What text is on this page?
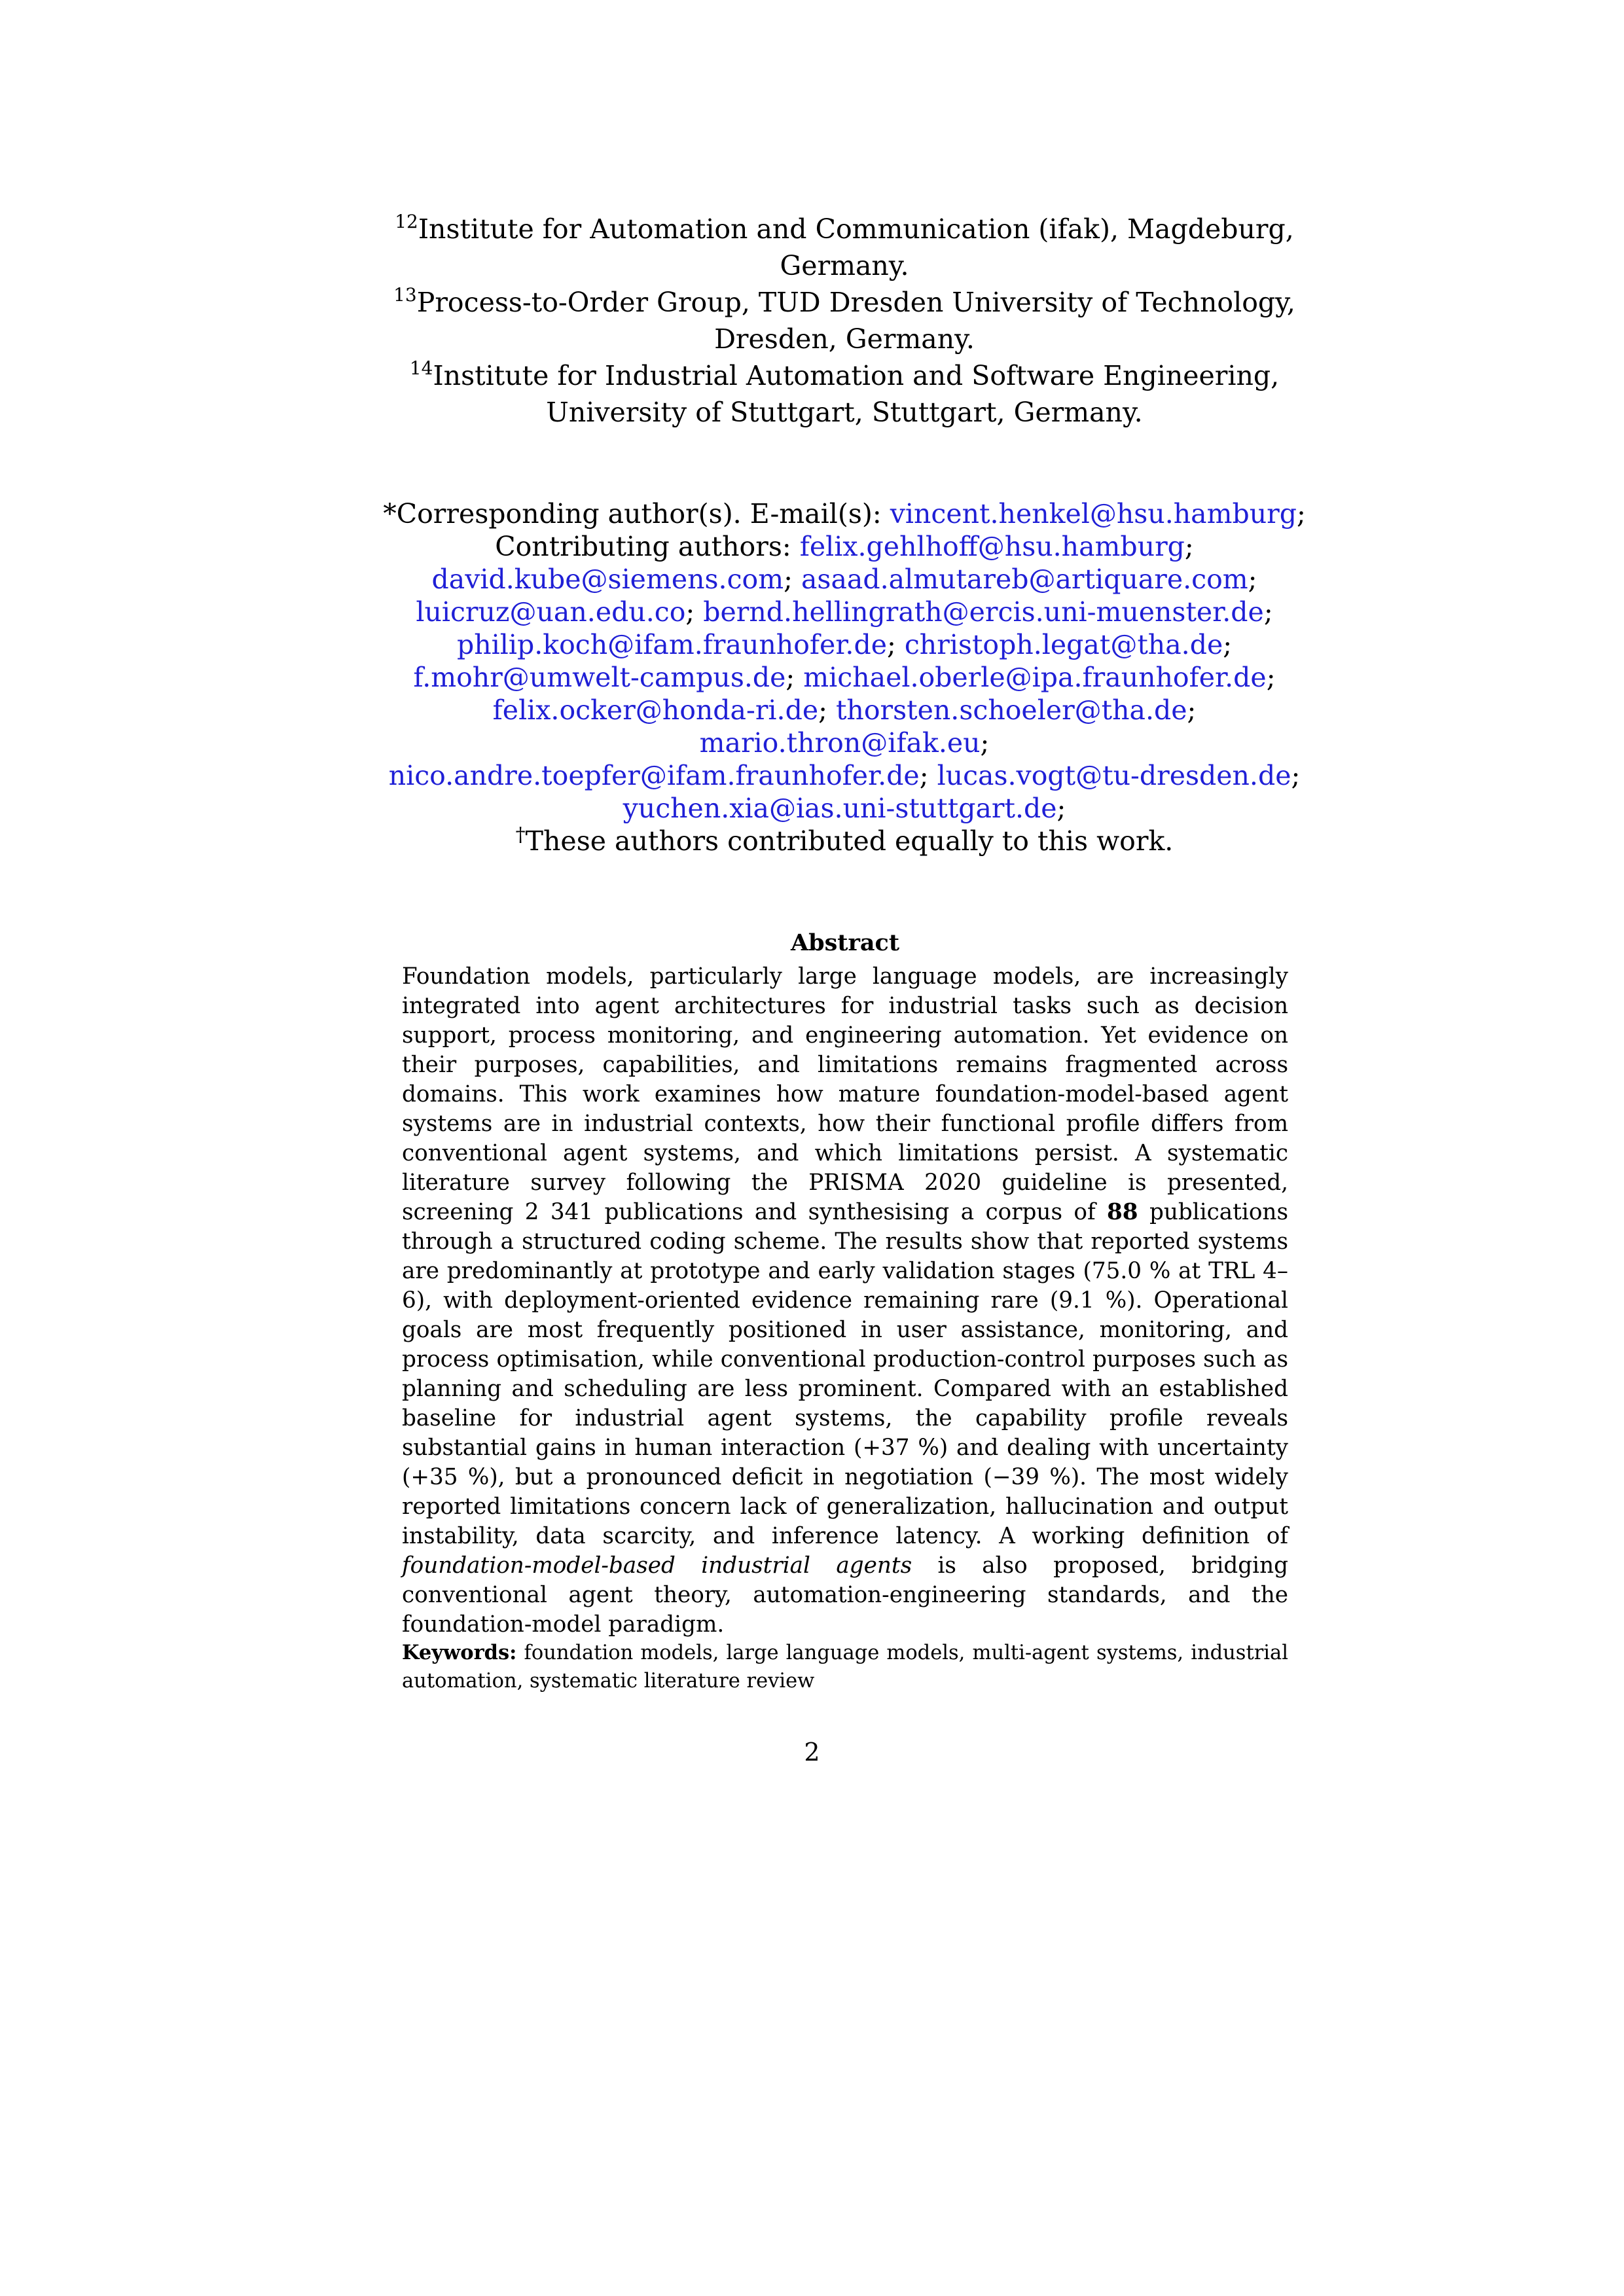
$^{12}$Institute for Automation and Communication (ifak), Magdeburg, Germany.
$^{13}$Process-to-Order Group, TUD Dresden University of Technology, Dresden, Germany.
$^{14}$Institute for Industrial Automation and Software Engineering, University of Stuttgart, Stuttgart, Germany.
*Corresponding author(s). E-mail(s): vincent.henkel@hsu.hamburg;
Contributing authors: felix.gehlhoff@hsu.hamburg;
david.kube@siemens.com; asaad.almutareb@artiquare.com;
luicruz@uan.edu.co; bernd.hellingrath@ercis.uni-muenster.de;
philip.koch@ifam.fraunhofer.de; christoph.legat@tha.de;
f.mohr@umwelt-campus.de; michael.oberle@ipa.fraunhofer.de;
felix.ocker@honda-ri.de; thorsten.schoeler@tha.de; mario.thron@ifak.eu;
nico.andre.toepfer@ifam.fraunhofer.de; lucas.vogt@tu-dresden.de;
yuchen.xia@ias.uni-stuttgart.de;
†These authors contributed equally to this work.
Abstract
Foundation models, particularly large language models, are increasingly integrated into agent architectures for industrial tasks such as decision support, process monitoring, and engineering automation. Yet evidence on their purposes, capabilities, and limitations remains fragmented across domains. This work examines how mature foundation-model-based agent systems are in industrial contexts, how their functional profile differs from conventional agent systems, and which limitations persist. A systematic literature survey following the PRISMA 2020 guideline is presented, screening 2 341 publications and synthesising a corpus of 88 publications through a structured coding scheme. The results show that reported systems are predominantly at prototype and early validation stages (75.0 % at TRL 4–6), with deployment-oriented evidence remaining rare (9.1 %). Operational goals are most frequently positioned in user assistance, monitoring, and process optimisation, while conventional production-control purposes such as planning and scheduling are less prominent. Compared with an established baseline for industrial agent systems, the capability profile reveals substantial gains in human interaction (+37 %) and dealing with uncertainty (+35 %), but a pronounced deficit in negotiation (−39 %). The most widely reported limitations concern lack of generalization, hallucination and output instability, data scarcity, and inference latency. A working definition of foundation-model-based industrial agents is also proposed, bridging conventional agent theory, automation-engineering standards, and the foundation-model paradigm.
Keywords: foundation models, large language models, multi-agent systems, industrial automation, systematic literature review
2
